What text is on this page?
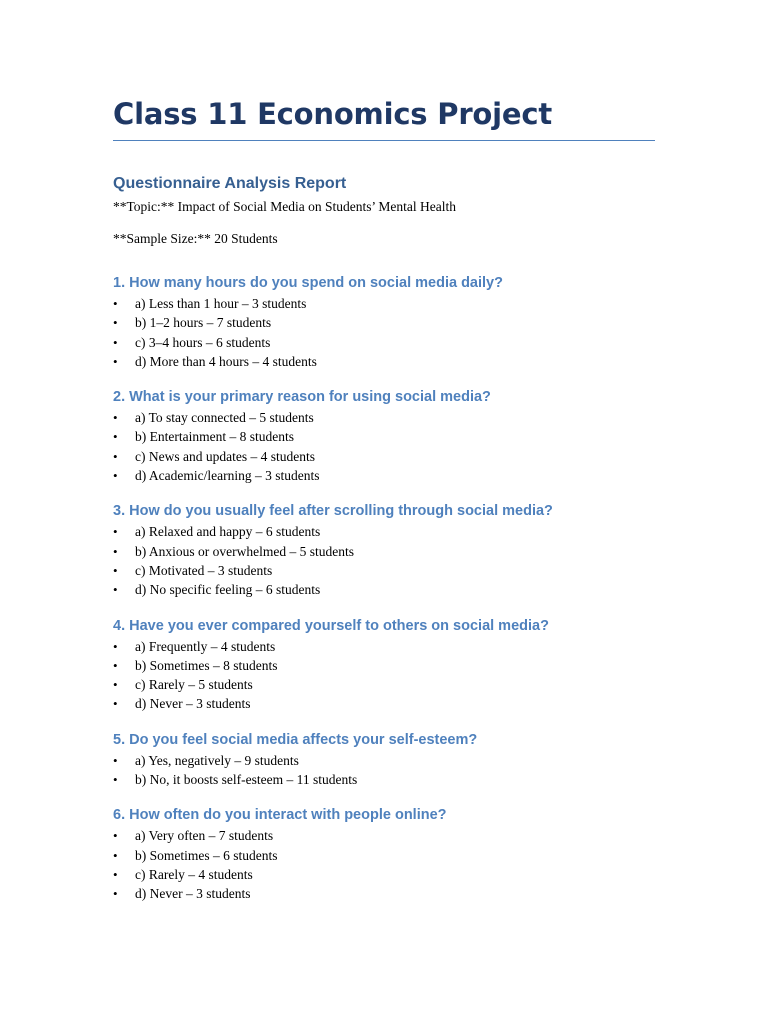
Class 11 Economics Project
Questionnaire Analysis Report

**Topic:** Impact of Social Media on Students’ Mental Health

**Sample Size:** 20 Students

1. How many hours do you spend on social media daily?
• a) Less than 1 hour – 3 students
• b) 1–2 hours – 7 students
• c) 3–4 hours – 6 students
• d) More than 4 hours – 4 students
2. What is your primary reason for using social media?
• a) To stay connected – 5 students
• b) Entertainment – 8 students
• c) News and updates – 4 students
• d) Academic/learning – 3 students
3. How do you usually feel after scrolling through social media?
• a) Relaxed and happy – 6 students
• b) Anxious or overwhelmed – 5 students
• c) Motivated – 3 students
• d) No specific feeling – 6 students
4. Have you ever compared yourself to others on social media?
• a) Frequently – 4 students
• b) Sometimes – 8 students
• c) Rarely – 5 students
• d) Never – 3 students
5. Do you feel social media affects your self-esteem?
• a) Yes, negatively – 9 students
• b) No, it boosts self-esteem – 11 students
6. How often do you interact with people online?
• a) Very often – 7 students
• b) Sometimes – 6 students
• c) Rarely – 4 students
• d) Never – 3 students
